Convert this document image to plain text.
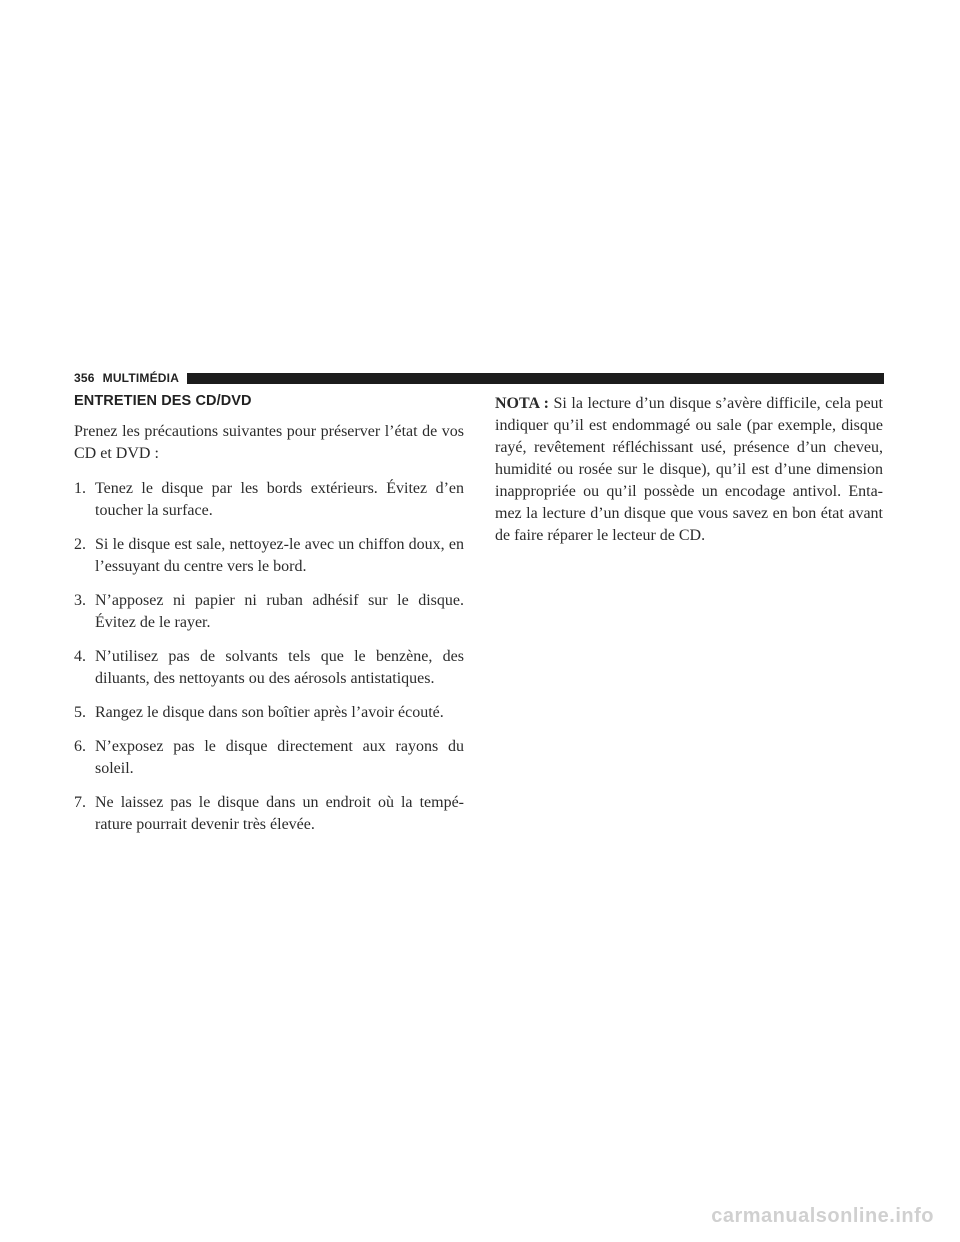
356 MULTIMÉDIA
ENTRETIEN DES CD/DVD

Prenez les précautions suivantes pour préserver l’état de vos CD et DVD :

1. Tenez le disque par les bords extérieurs. Évitez d’en toucher la surface.
2. Si le disque est sale, nettoyez-le avec un chiffon doux, en l’essuyant du centre vers le bord.
3. N’apposez ni papier ni ruban adhésif sur le disque. Évitez de le rayer.
4. N’utilisez pas de solvants tels que le benzène, des diluants, des nettoyants ou des aérosols antistatiques.
5. Rangez le disque dans son boîtier après l’avoir écouté.
6. N’exposez pas le disque directement aux rayons du soleil.
7. Ne laissez pas le disque dans un endroit où la tempé-rature pourrait devenir très élevée.

NOTA : Si la lecture d’un disque s’avère difficile, cela peut indiquer qu’il est endommagé ou sale (par exemple, disque rayé, revêtement réfléchissant usé, présence d’un cheveu, humidité ou rosée sur le disque), qu’il est d’une dimension inappropriée ou qu’il possède un encodage antivol. Enta-mez la lecture d’un disque que vous savez en bon état avant de faire réparer le lecteur de CD.

carmanualsonline.info
